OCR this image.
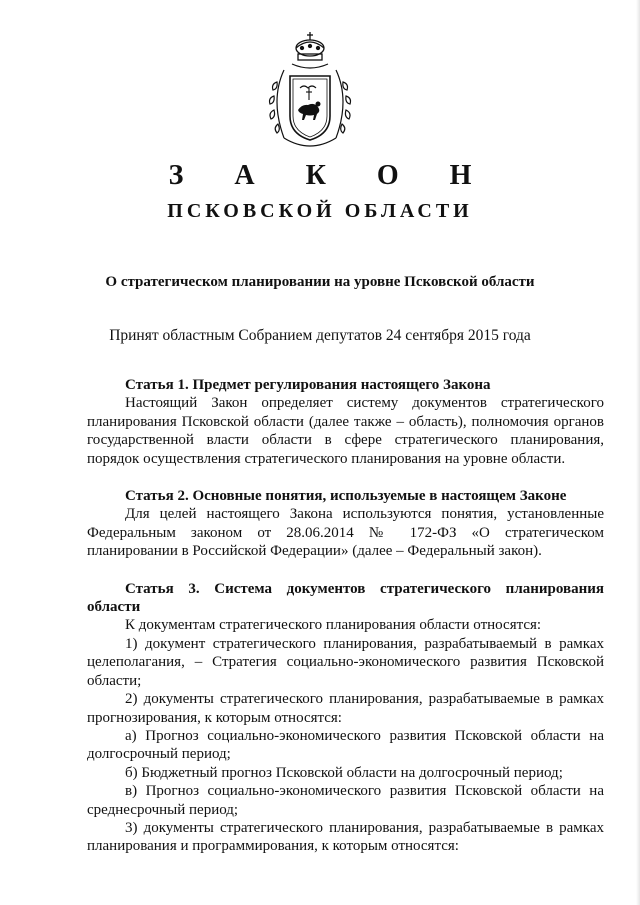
З А К О Н
ПСКОВСКОЙ ОБЛАСТИ
О стратегическом планировании на уровне Псковской области
Принят областным Собранием депутатов 24 сентября 2015 года

Статья 1. Предмет регулирования настоящего Закона

Настоящий Закон определяет систему документов стратегического планирования Псковской области (далее также – область), полномочия органов государственной власти области в сфере стратегического планирования, порядок осуществления стратегического планирования на уровне области.

Статья 2. Основные понятия, используемые в настоящем Законе

Для целей настоящего Закона используются понятия, установленные Федеральным законом от 28.06.2014 № 172-ФЗ «О стратегическом планировании в Российской Федерации» (далее – Федеральный закон).

Статья 3. Система документов стратегического планирования области

К документам стратегического планирования области относятся:

1) документ стратегического планирования, разрабатываемый в рамках целеполагания, – Стратегия социально-экономического развития Псковской области;

2) документы стратегического планирования, разрабатываемые в рамках прогнозирования, к которым относятся:

а) Прогноз социально-экономического развития Псковской области на долгосрочный период;

б) Бюджетный прогноз Псковской области на долгосрочный период;

в) Прогноз социально-экономического развития Псковской области на среднесрочный период;

3) документы стратегического планирования, разрабатываемые в рамках планирования и программирования, к которым относятся:
